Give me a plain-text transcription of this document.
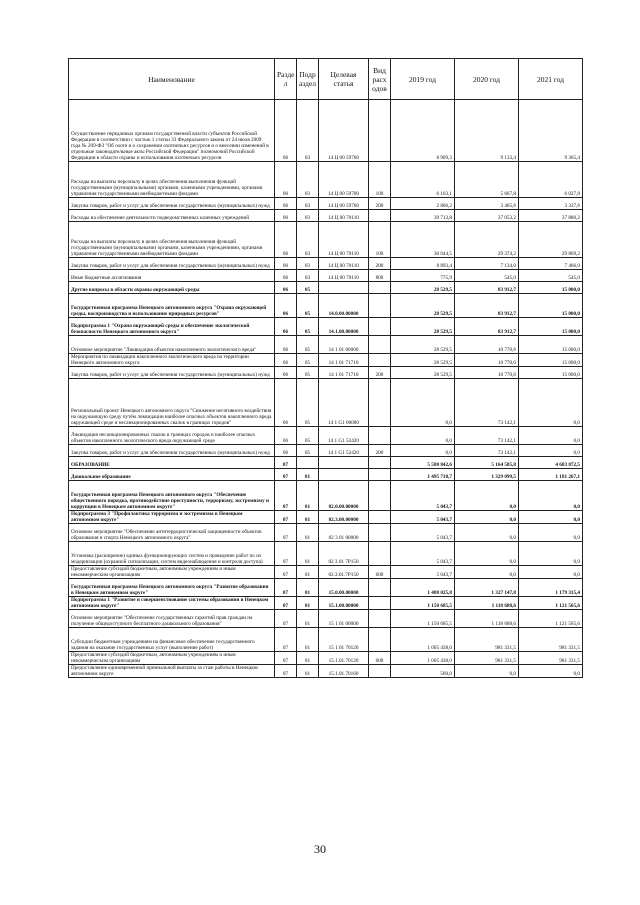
Наименование	Разде л	Подр аздел	Целевая статья	Вид расх одов	2019 год	2020 год	2021 год
Осуществление переданных органам государственной власти субъектов Российской Федерации в соответствии с частью 1 статьи 33 Федерального закона от 24 июля 2009 года № 209-ФЗ "Об охоте и о сохранении охотничьих ресурсов и о внесении изменений в отдельные законодательные акты Российской Федерации" полномочий Российской Федерации в области охраны и использования охотничьих ресурсов	06	03	14 Ц 00 59700		8 909,3	9 133,4	9 365,4
Расходы на выплаты персоналу в целях обеспечения выполнения функций государственными (муниципальными) органами, казенными учреждениями, органами управления государственными внебюджетными фондами	06	03	14 Ц 00 59700	100	6 103,1	5 667,8	6 027,8
Закупка товаров, работ и услуг для обеспечения государственных (муниципальных) нужд	06	03	14 Ц 00 59700	200	2 806,2	3 465,6	3 337,6
Расходы на обеспечение деятельности подведомственных казенных учреждений	06	03	14 Ц 00 70110		39 713,8	37 053,2	37 880,2
Расходы на выплаты персоналу в целях обеспечения выполнения функций государственными (муниципальными) органами, казенными учреждениями, органами управления государственными внебюджетными фондами	06	03	14 Ц 00 70110	100	30 044,5	29 374,2	29 869,2
Закупка товаров, работ и услуг для обеспечения государственных (муниципальных) нужд	06	03	14 Ц 00 70110	200	8 893,4	7 134,0	7 466,0
Иные бюджетные ассигнования	06	03	14 Ц 00 70110	800	775,9	545,0	545,0
Другие вопросы в области охраны окружающей среды	06	05			28 529,5	83 912,7	15 000,0
Государственная программа Ненецкого автономного округа "Охрана окружающей среды, воспроизводство и использование природных ресурсов"	06	05	14.0.00.00000		28 529,5	83 912,7	15 000,0
Подпрограмма 1 "Охрана окружающей среды и обеспечение экологической безопасности Ненецкого автономного округа"	06	05	14.1.00.00000		28 529,5	83 912,7	15 000,0
Основное мероприятие "Ликвидация объектов накопленного экологического вреда"	06	05	14 1 01 00000		28 529,5	10 770,6	15 000,0
Мероприятия по ликвидации накопленного экологического вреда на территории Ненецкого автономного округа	06	05	14 1 01 71710		28 529,5	10 770,6	15 000,0
Закупка товаров, работ и услуг для обеспечения государственных (муниципальных) нужд	06	05	14 1 01 71710	200	28 529,5	10 770,6	15 000,0
Региональный проект Ненецкого автономного округа "Снижение негативного воздействия на окружающую среду путём ликвидации наиболее опасных объектов накопленного вреда окружающей среде и несанкционированных свалок в границах городов"	06	05	14 1 G1 00000		0,0	73 142,1	0,0
Ликвидация несанкционированных свалок в границах городов и наиболее опасных объектов накопленного экологического вреда окружающей среде	06	05	14 1 G1 52420		0,0	73 142,1	0,0
Закупка товаров, работ и услуг для обеспечения государственных (муниципальных) нужд	06	05	14 1 G1 52420	200	0,0	73 142,1	0,0
ОБРАЗОВАНИЕ	07				5 580 842,6	5 164 585,8	4 683 872,5
Дошкольное образование	07	01			1 495 718,7	1 329 099,5	1 181 267,1
Государственная программа Ненецкого автономного округа "Обеспечение общественного порядка, противодействие преступности, терроризму, экстремизму и коррупции в Ненецком автономном округе"	07	01	02.0.00.00000		5 043,7	0,0	0,0
Подпрограмма 3 "Профилактика терроризма и экстремизма в Ненецком автономном округе"	07	01	02.3.00.00000		5 043,7	0,0	0,0
Основное мероприятие "Обеспечение антитеррористической защищенности объектов образования и спорта Ненецкого автономного округа"	07	01	02 3 01 00000		5 043,7	0,0	0,0
Установка (расширение) единых функционирующих систем и проведение работ по их модернизации (охранной сигнализации, систем видеонаблюдения и контроля доступа)	07	01	02 3 01 7Р150		5 043,7	0,0	0,0
Предоставление субсидий бюджетным, автономным учреждениям и иным некоммерческим организациям	07	01	02.3.01.7Р150	600	5 043,7	0,0	0,0
Государственная программа Ненецкого автономного округа "Развитие образования в Ненецком автономном округе"	07	01	15.0.00.00000		1 488 025,8	1 327 147,8	1 179 315,4
Подпрограмма 1 "Развитие и совершенствование системы образования в Ненецком автономном округе"	07	01	15.1.00.00000		1 150 685,5	1 118 688,6	1 121 565,6
Основное мероприятие "Обеспечение государственных гарантий прав граждан на получение общедоступного бесплатного дошкольного образования"	07	01	15 1 01 00000		1 150 685,5	1 118 688,6	1 121 565,6
Субсидии бюджетным учреждениям на финансовое обеспечение государственного задания на оказание государственных услуг (выполнение работ)	07	01	15 1 01 70120		1 005 438,0	981 331,5	981 331,5
Предоставление субсидий бюджетным, автономным учреждениям и иным некоммерческим организациям	07	01	15.1.01.70120	600	1 005 438,0	981 331,5	981 331,5
Предоставление единовременной премиальной выплаты за стаж работы в Ненецком автономном округе	07	01	15.1.01.70160		560,0	0,0	0,0
30
